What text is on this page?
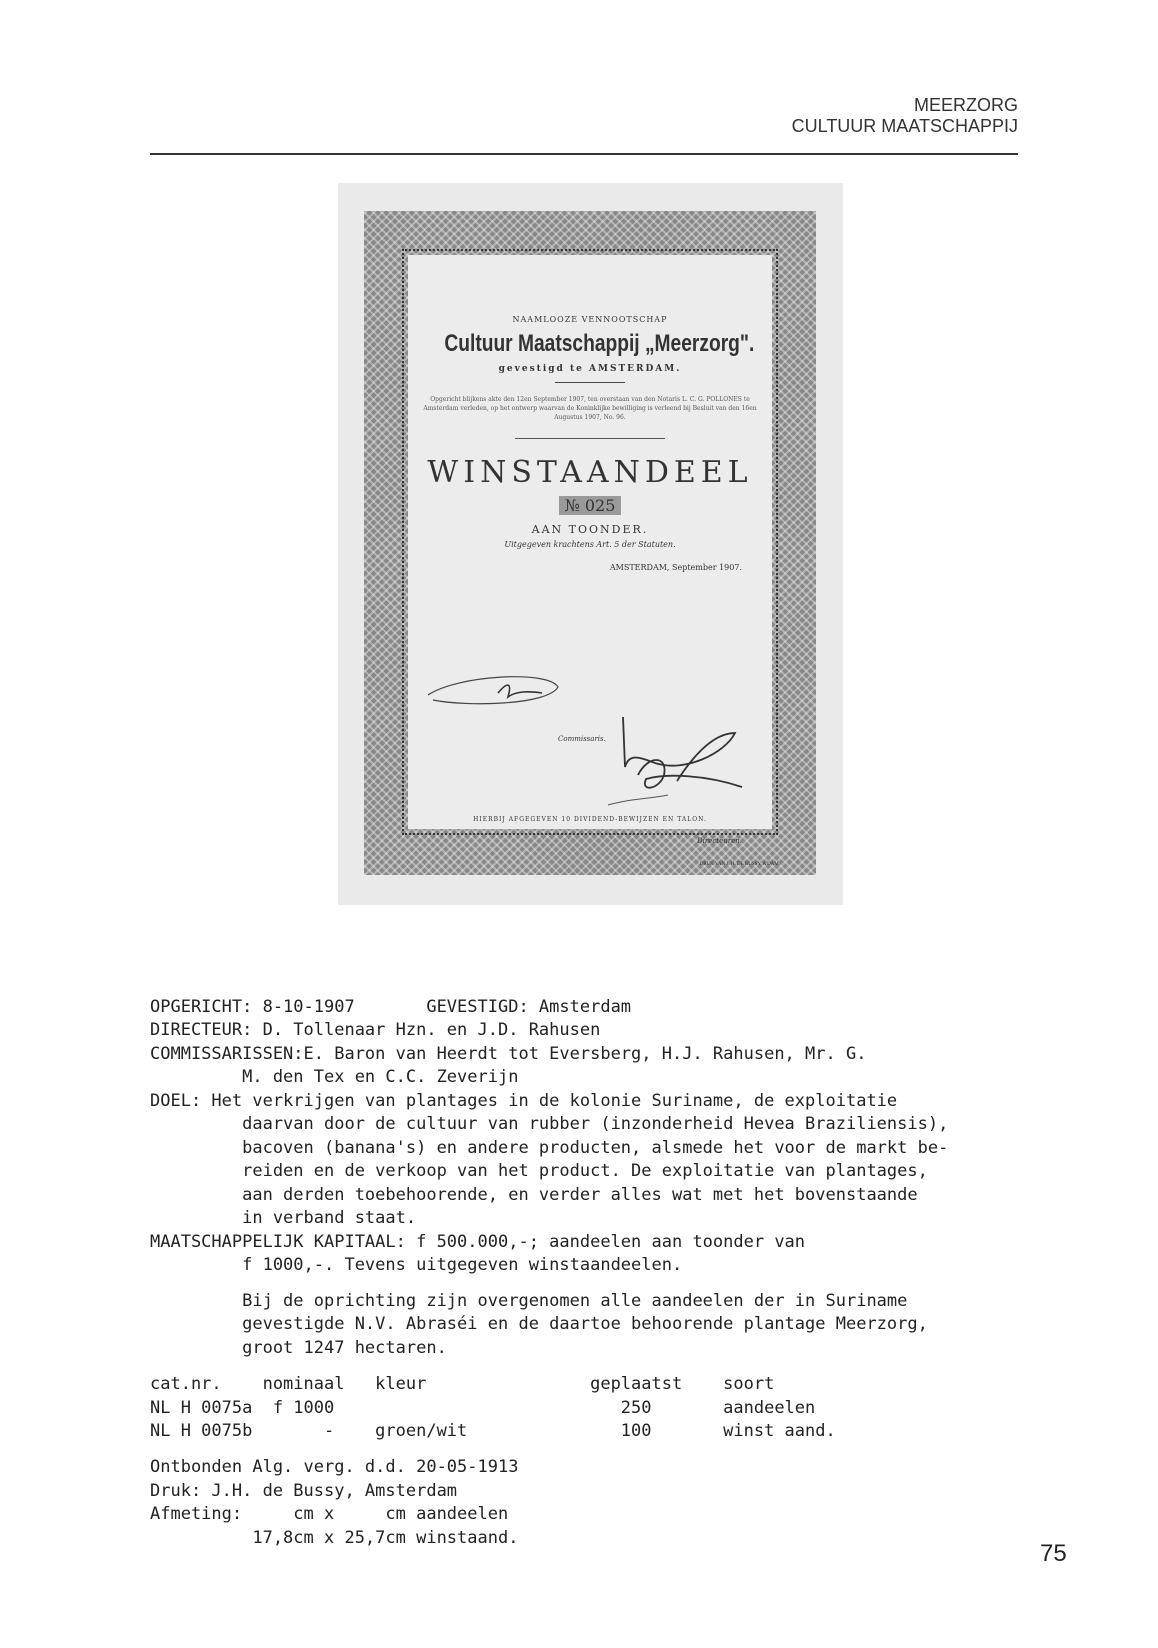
MEERZORG
CULTUUR MAATSCHAPPIJ
NAAMLOOZE VENNOOTSCHAP
Cultuur Maatschappij „Meerzorg".
gevestigd te AMSTERDAM.
Opgericht blijkens akte den 12en September 1907, ten overstaan van den Notaris L. C. G. POLLONES te Amsterdam verleden, op het ontwerp waarvan de Koninklijke bewilliging is verleend bij Besluit van den 16en Augustus 1907, No. 96.
WINSTAANDEEL
№ 025
AAN TOONDER.
Uitgegeven krachtens Art. 5 der Statuten.
AMSTERDAM, September 1907.
Commissaris.
Directeuren.
HIERBIJ AFGEGEVEN 10 DIVIDEND-BEWIJZEN EN TALON.
DRUK VAN J. H. DE BUSSY, A'DAM.
OPGERICHT: 8-10-1907       GEVESTIGD: Amsterdam
DIRECTEUR: D. Tollenaar Hzn. en J.D. Rahusen
COMMISSARISSEN:E. Baron van Heerdt tot Eversberg, H.J. Rahusen, Mr. G.
M. den Tex en C.C. Zeverijn
DOEL: Het verkrijgen van plantages in de kolonie Suriname, de exploitatie
daarvan door de cultuur van rubber (inzonderheid Hevea Braziliensis),
bacoven (banana's) en andere producten, alsmede het voor de markt be-
reiden en de verkoop van het product. De exploitatie van plantages,
aan derden toebehoorende, en verder alles wat met het bovenstaande
in verband staat.
MAATSCHAPPELIJK KAPITAAL: f 500.000,-; aandeelen aan toonder van
f 1000,-. Tevens uitgegeven winstaandeelen.
Bij de oprichting zijn overgenomen alle aandeelen der in Suriname
gevestigde N.V. Abraséi en de daartoe behoorende plantage Meerzorg,
groot 1247 hectaren.
cat.nr.    nominaal   kleur                geplaatst    soort
NL H 0075a  f 1000                            250       aandeelen
NL H 0075b       -    groen/wit               100       winst aand.
Ontbonden Alg. verg. d.d. 20-05-1913
Druk: J.H. de Bussy, Amsterdam
Afmeting:     cm x     cm aandeelen
17,8cm x 25,7cm winstaand.
75
